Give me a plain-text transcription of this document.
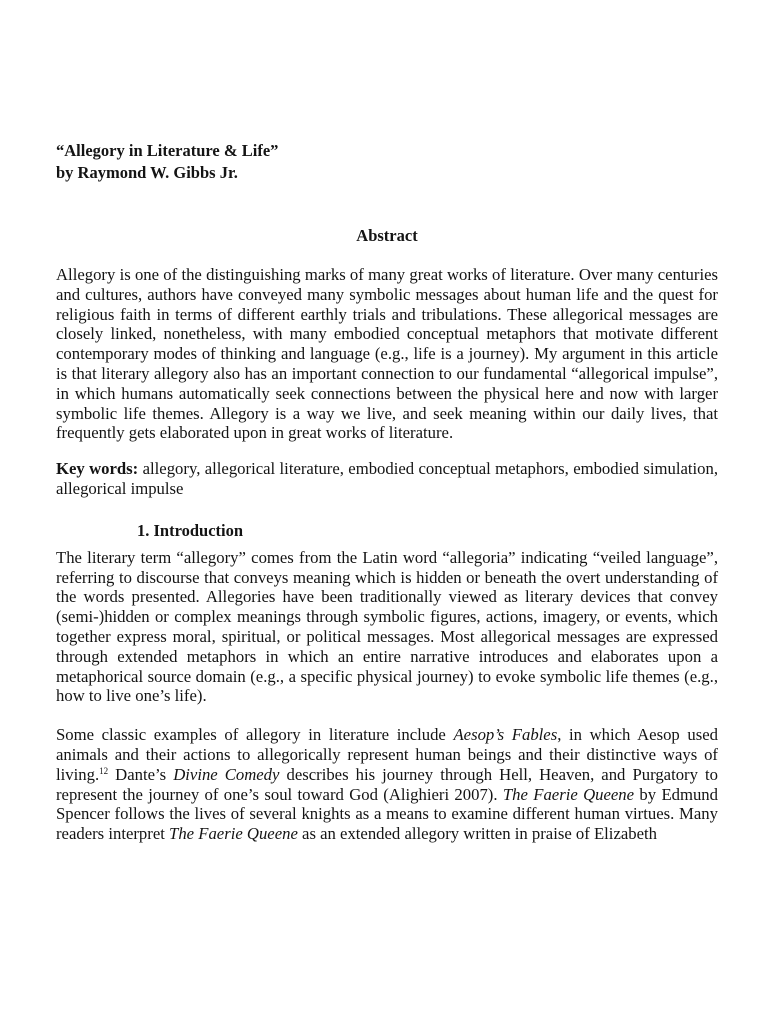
“Allegory in Literature & Life”
by Raymond W. Gibbs Jr.
Abstract

Allegory is one of the distinguishing marks of many great works of literature. Over many centuries and cultures, authors have conveyed many symbolic messages about human life and the quest for religious faith in terms of different earthly trials and tribulations. These allegorical messages are closely linked, nonetheless, with many embodied conceptual metaphors that motivate different contemporary modes of thinking and language (e.g., life is a journey). My argument in this article is that literary allegory also has an important connection to our fundamental “allegorical impulse”, in which humans automatically seek connections between the physical here and now with larger symbolic life themes. Allegory is a way we live, and seek meaning within our daily lives, that frequently gets elaborated upon in great works of literature.

Key words: allegory, allegorical literature, embodied conceptual metaphors, embodied simulation, allegorical impulse

1. Introduction

The literary term “allegory” comes from the Latin word “allegoria” indicating “veiled language”, referring to discourse that conveys meaning which is hidden or beneath the overt understanding of the words presented. Allegories have been traditionally viewed as literary devices that convey (semi-)hidden or complex meanings through symbolic figures, actions, imagery, or events, which together express moral, spiritual, or political messages. Most allegorical messages are expressed through extended metaphors in which an entire narrative introduces and elaborates upon a metaphorical source domain (e.g., a specific physical journey) to evoke symbolic life themes (e.g., how to live one’s life).

Some classic examples of allegory in literature include Aesop’s Fables, in which Aesop used animals and their actions to allegorically represent human beings and their distinctive ways of living.$^{12}$ Dante’s Divine Comedy describes his journey through Hell, Heaven, and Purgatory to represent the journey of one’s soul toward God (Alighieri 2007). The Faerie Queene by Edmund Spencer follows the lives of several knights as a means to examine different human virtues. Many readers interpret The Faerie Queene as an extended allegory written in praise of Elizabeth
